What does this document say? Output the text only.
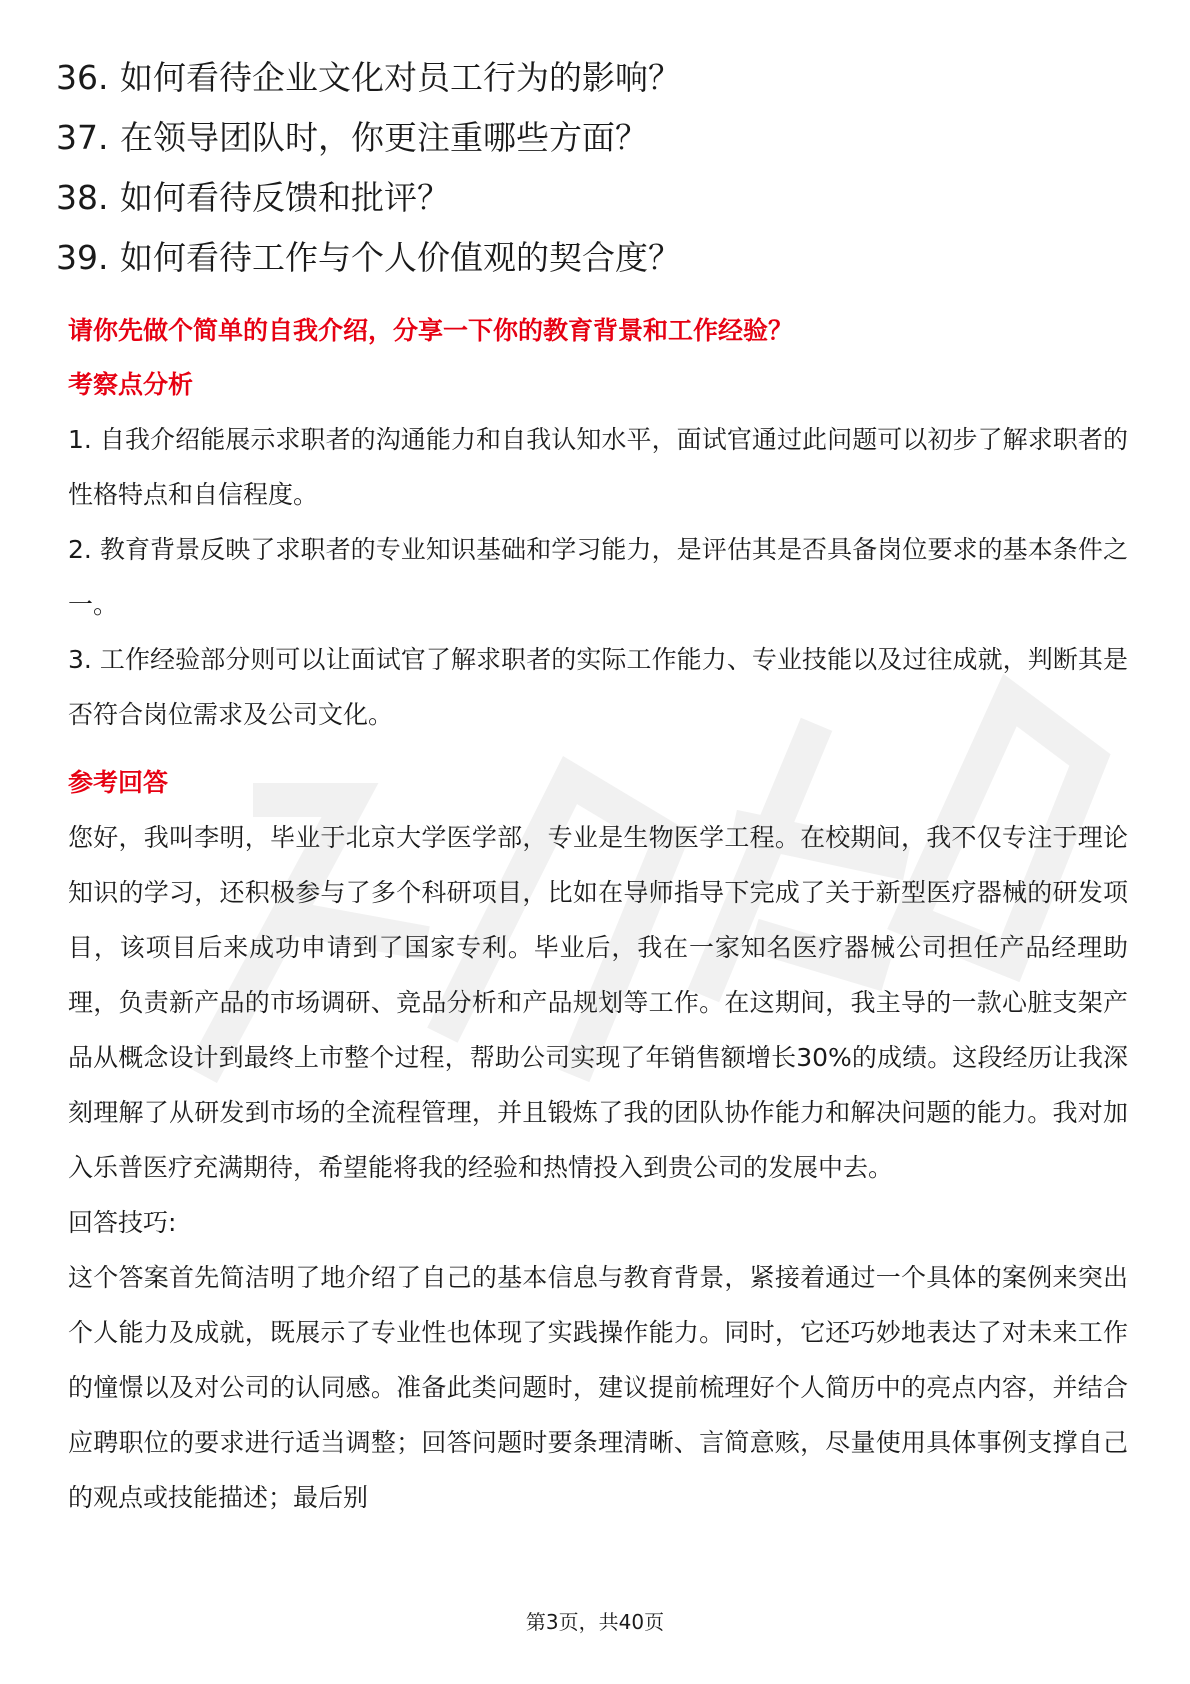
36. 如何看待企业文化对员工行为的影响？
37. 在领导团队时，你更注重哪些方面？
38. 如何看待反馈和批评？
39. 如何看待工作与个人价值观的契合度？

请你先做个简单的自我介绍，分享一下你的教育背景和工作经验？

考察点分析

1. 自我介绍能展示求职者的沟通能力和自我认知水平，面试官通过此问题可以初步了解求职者的性格特点和自信程度。

2. 教育背景反映了求职者的专业知识基础和学习能力，是评估其是否具备岗位要求的基本条件之一。

3. 工作经验部分则可以让面试官了解求职者的实际工作能力、专业技能以及过往成就，判断其是否符合岗位需求及公司文化。

参考回答

您好，我叫李明，毕业于北京大学医学部，专业是生物医学工程。在校期间，我不仅专注于理论知识的学习，还积极参与了多个科研项目，比如在导师指导下完成了关于新型医疗器械的研发项目，该项目后来成功申请到了国家专利。毕业后，我在一家知名医疗器械公司担任产品经理助理，负责新产品的市场调研、竞品分析和产品规划等工作。在这期间，我主导的一款心脏支架产品从概念设计到最终上市整个过程，帮助公司实现了年销售额增长30%的成绩。这段经历让我深刻理解了从研发到市场的全流程管理，并且锻炼了我的团队协作能力和解决问题的能力。我对加入乐普医疗充满期待，希望能将我的经验和热情投入到贵公司的发展中去。

回答技巧:

这个答案首先简洁明了地介绍了自己的基本信息与教育背景，紧接着通过一个具体的案例来突出个人能力及成就，既展示了专业性也体现了实践操作能力。同时，它还巧妙地表达了对未来工作的憧憬以及对公司的认同感。准备此类问题时，建议提前梳理好个人简历中的亮点内容，并结合应聘职位的要求进行适当调整；回答问题时要条理清晰、言简意赅，尽量使用具体事例支撑自己的观点或技能描述；最后别

第3页，共40页
